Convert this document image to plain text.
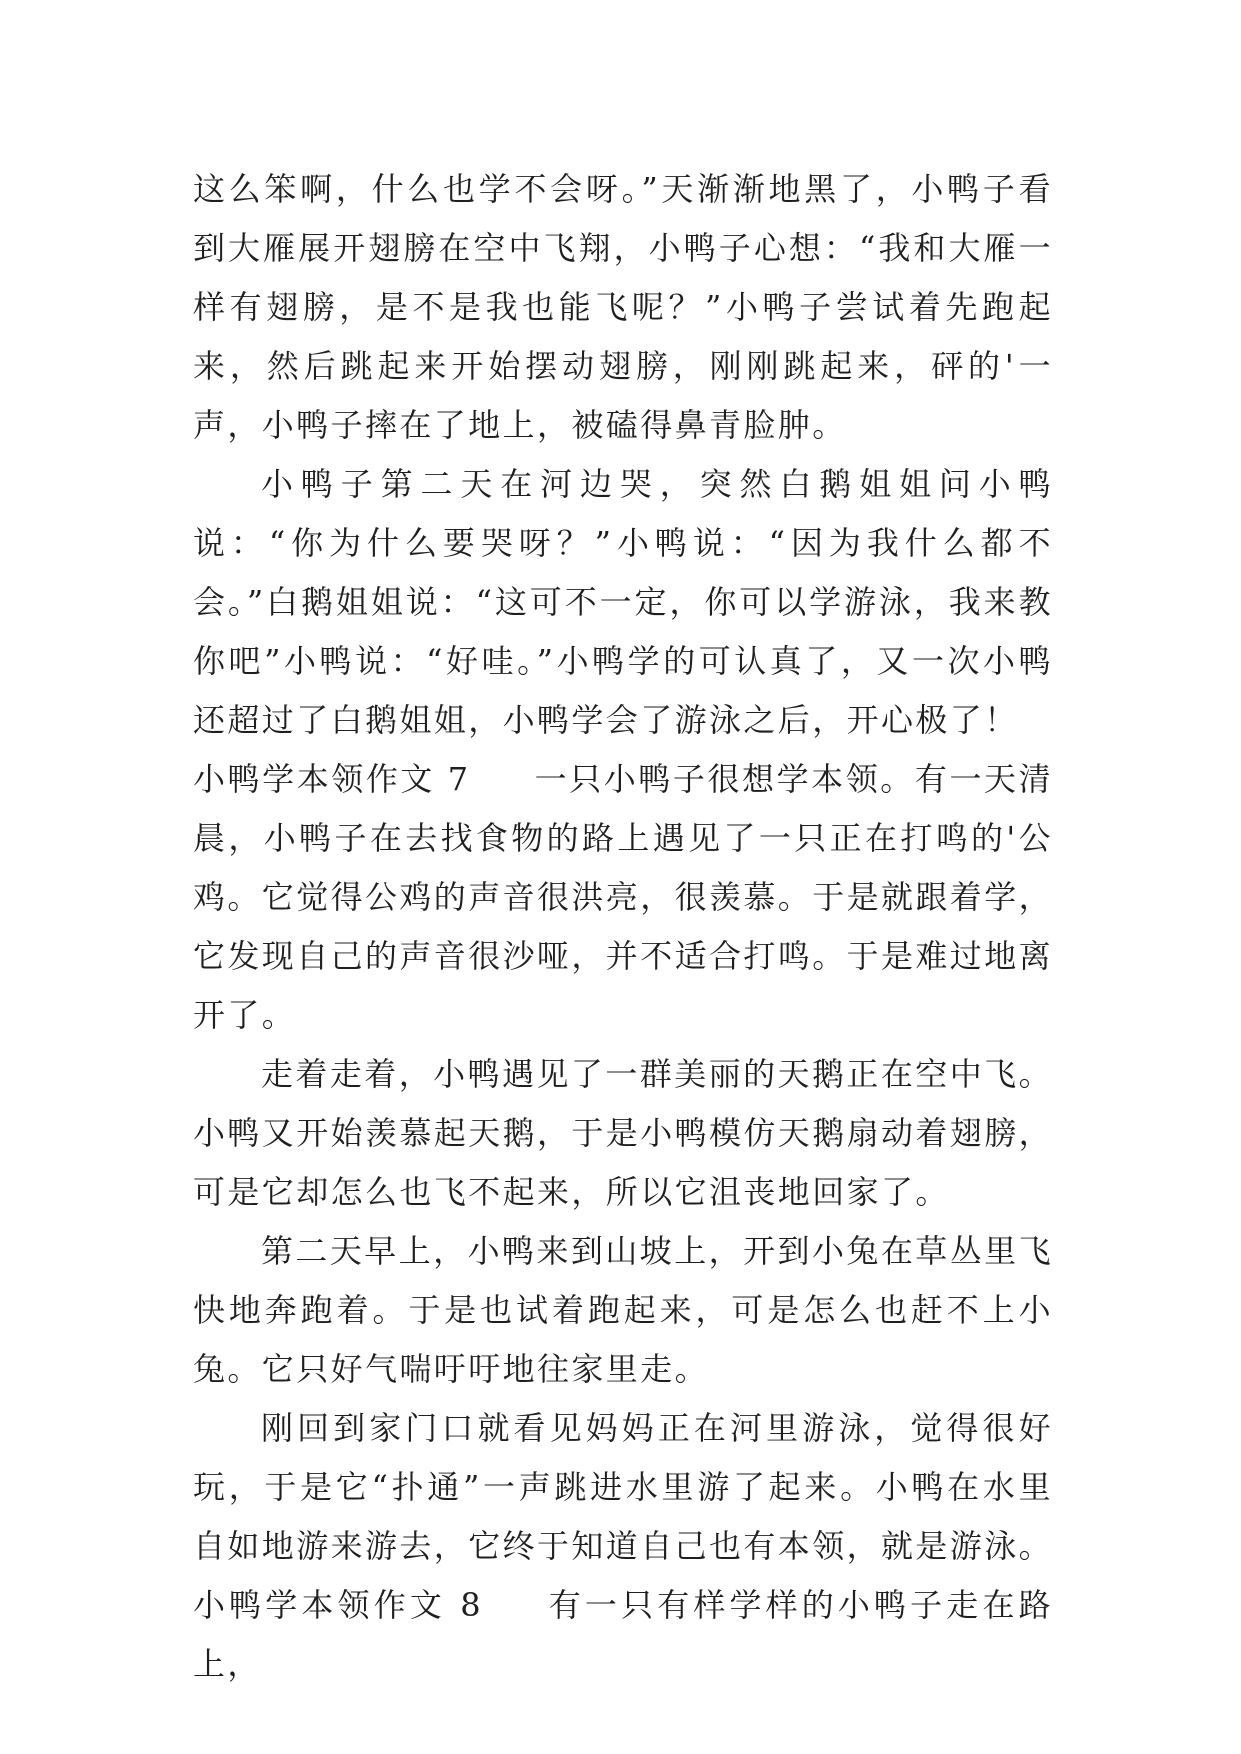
这么笨啊，什么也学不会呀。”天渐渐地黑了，小鸭子看到大雁展开翅膀在空中飞翔，小鸭子心想：“我和大雁一样有翅膀，是不是我也能飞呢？”小鸭子尝试着先跑起来，然后跳起来开始摆动翅膀，刚刚跳起来，砰的'一声，小鸭子摔在了地上，被磕得鼻青脸肿。

小鸭子第二天在河边哭，突然白鹅姐姐问小鸭说：“你为什么要哭呀？”小鸭说：“因为我什么都不会。”白鹅姐姐说：“这可不一定，你可以学游泳，我来教你吧”小鸭说：“好哇。”小鸭学的可认真了，又一次小鸭还超过了白鹅姐姐，小鸭学会了游泳之后，开心极了！

小鸭学本领作文 7 一只小鸭子很想学本领。有一天清晨，小鸭子在去找食物的路上遇见了一只正在打鸣的'公鸡。它觉得公鸡的声音很洪亮，很羡慕。于是就跟着学，它发现自己的声音很沙哑，并不适合打鸣。于是难过地离开了。

走着走着，小鸭遇见了一群美丽的天鹅正在空中飞。小鸭又开始羡慕起天鹅，于是小鸭模仿天鹅扇动着翅膀，可是它却怎么也飞不起来，所以它沮丧地回家了。

第二天早上，小鸭来到山坡上，开到小兔在草丛里飞快地奔跑着。于是也试着跑起来，可是怎么也赶不上小兔。它只好气喘吁吁地往家里走。

刚回到家门口就看见妈妈正在河里游泳，觉得很好玩，于是它“扑通”一声跳进水里游了起来。小鸭在水里自如地游来游去，它终于知道自己也有本领，就是游泳。

小鸭学本领作文 8 有一只有样学样的小鸭子走在路上，
